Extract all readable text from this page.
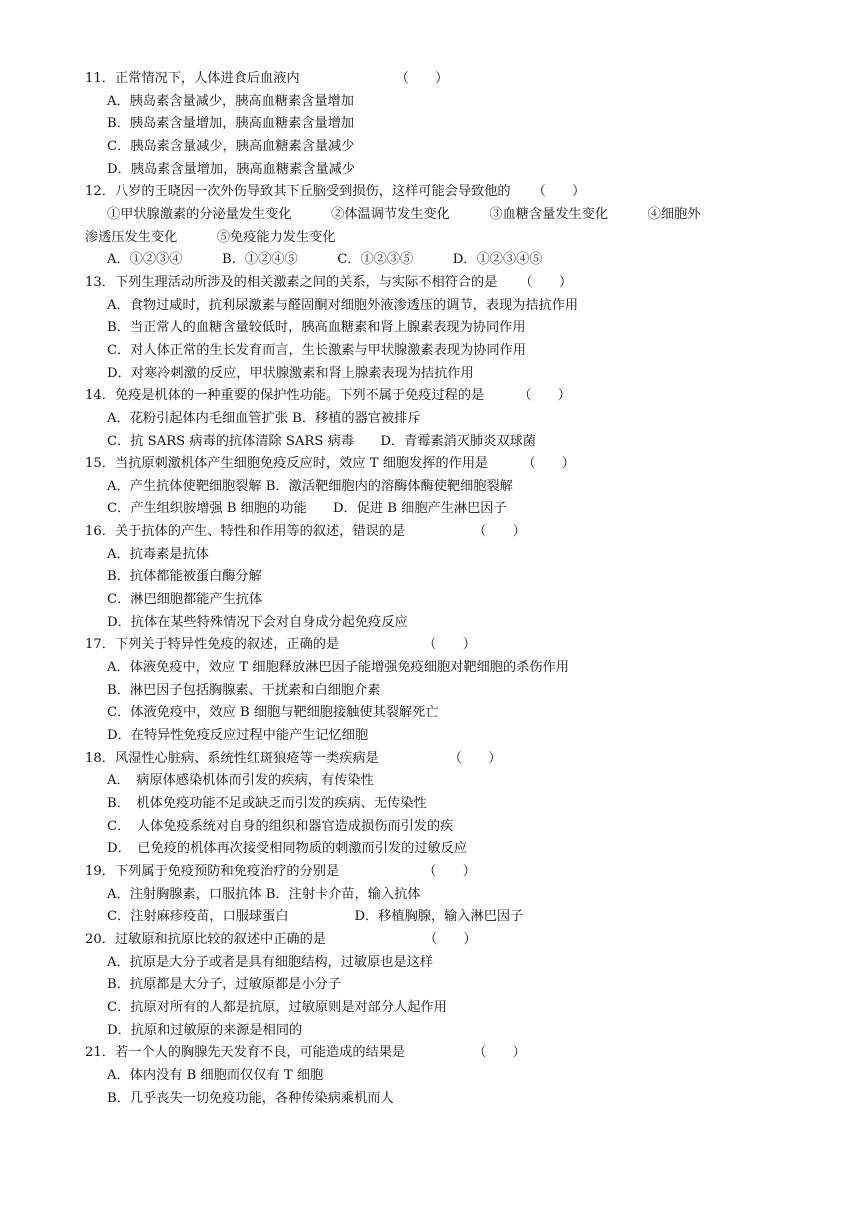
11． 正常情况下，人体进食后血液内	（　　）
A．胰岛素含量减少，胰高血糖素含量增加
B．胰岛素含量增加，胰高血糖素含量增加
C．胰岛素含量减少，胰高血糖素含量减少
D．胰岛素含量增加，胰高血糖素含量减少
12． 八岁的王晓因一次外伤导致其下丘脑受到损伤，这样可能会导致他的 （　　）
①甲状腺激素的分泌量发生变化　　　②体温调节发生变化　　　③血糖含量发生变化　　　④细胞外
渗透压发生变化　　　⑤免疫能力发生变化
A．①②③④　　　B．①②④⑤　　　C．①②③⑤　　　D．①②③④⑤
13． 下列生理活动所涉及的相关激素之间的关系，与实际不相符合的是 （　　）
A．食物过咸时，抗利尿激素与醛固酮对细胞外液渗透压的调节，表现为拮抗作用
B．当正常人的血糖含量较低时，胰高血糖素和肾上腺素表现为协同作用
C．对人体正常的生长发育而言，生长激素与甲状腺激素表现为协同作用
D．对寒冷刺激的反应，甲状腺激素和肾上腺素表现为拮抗作用
14． 免疫是机体的一种重要的保护性功能。下列不属于免疫过程的是	（　　）
A．花粉引起体内毛细血管扩张 B．移植的器官被排斥
C．抗 SARS 病毒的抗体清除 SARS 病毒　　D．青霉素消灭肺炎双球菌
15． 当抗原刺激机体产生细胞免疫反应时，效应 T 细胞发挥的作用是	（　　）
A．产生抗体使靶细胞裂解 B．激活靶细胞内的溶酶体酶使靶细胞裂解
C．产生组织胺增强 B 细胞的功能　　D．促进 B 细胞产生淋巴因子
16． 关于抗体的产生、特性和作用等的叙述，错误的是	（　　）
A．抗毒素是抗体
B．抗体都能被蛋白酶分解
C．淋巴细胞都能产生抗体
D．抗体在某些特殊情况下会对自身成分起免疫反应
17． 下列关于特异性免疫的叙述，正确的是	（　　）
A．体液免疫中，效应 T 细胞释放淋巴因子能增强免疫细胞对靶细胞的杀伤作用
B．淋巴因子包括胸腺素、干扰素和白细胞介素
C．体液免疫中，效应 B 细胞与靶细胞接触使其裂解死亡
D．在特异性免疫反应过程中能产生记忆细胞
18． 风湿性心脏病、系统性红斑狼疮等一类疾病是	（　　）
A．　病原体感染机体而引发的疾病，有传染性
B．　机体免疫功能不足或缺乏而引发的疾病、无传染性
C．　人体免疫系统对自身的组织和器官造成损伤而引发的疾
D．　已免疫的机体再次接受相同物质的刺激而引发的过敏反应
19． 下列属于免疫预防和免疫治疗的分别是	（　　）
A．注射胸腺素，口服抗体 B．注射卡介苗，输入抗体
C．注射麻疹疫苗，口服球蛋白　　　　　D．移植胸腺，输入淋巴因子
20． 过敏原和抗原比较的叙述中正确的是	（　　）
A．抗原是大分子或者是具有细胞结构，过敏原也是这样
B．抗原都是大分子，过敏原都是小分子
C．抗原对所有的人都是抗原，过敏原则是对部分人起作用
D．抗原和过敏原的来源是相同的
21． 若一个人的胸腺先天发育不良，可能造成的结果是	（　　）
A．体内没有 B 细胞而仅仅有 T 细胞
B．几乎丧失一切免疫功能，各种传染病乘机而人
